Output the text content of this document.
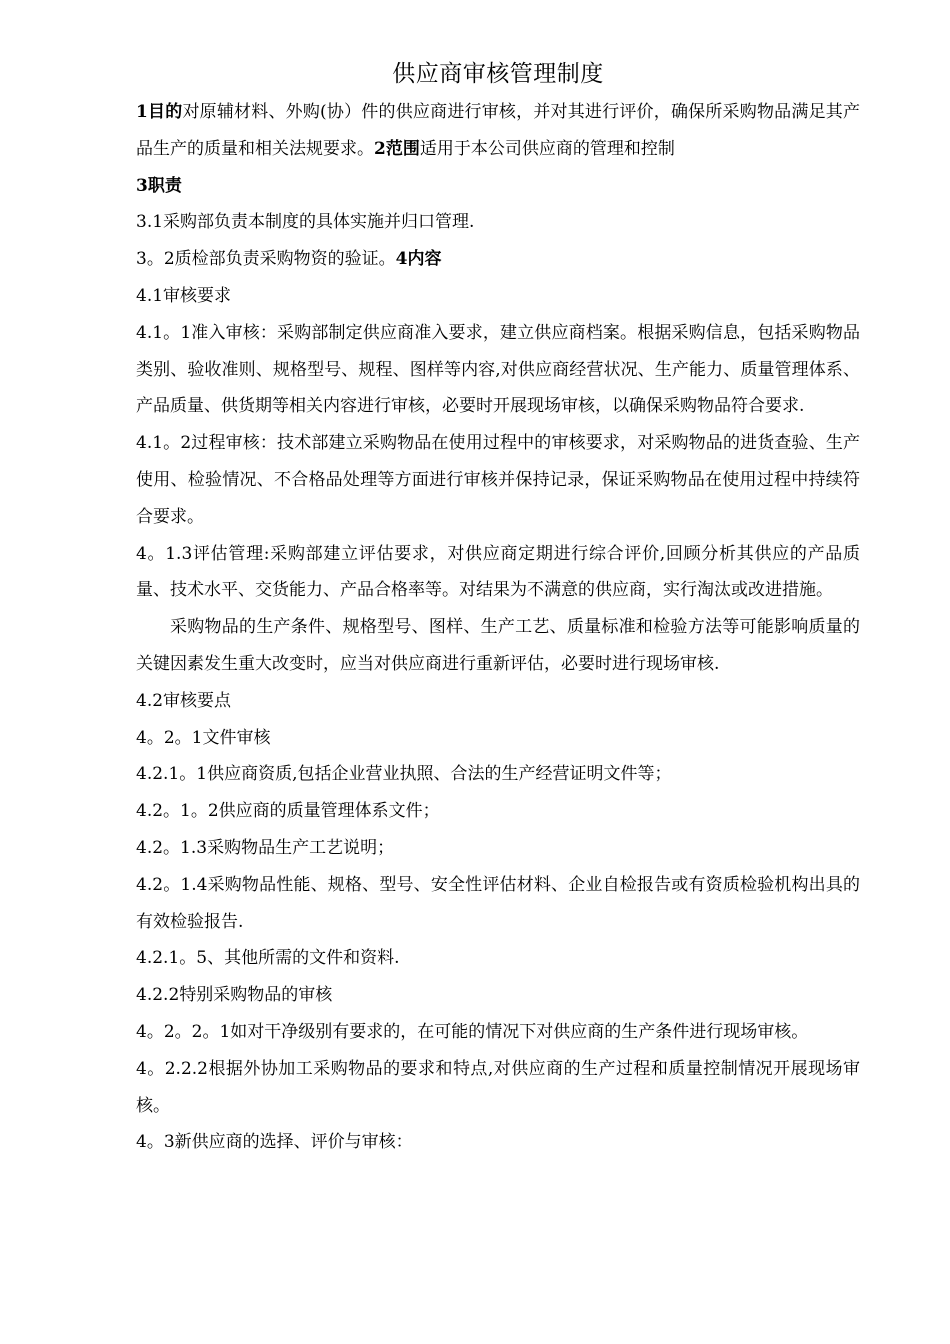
供应商审核管理制度

1目的对原辅材料、外购(协）件的供应商进行审核，并对其进行评价，确保所采购物品满足其产品生产的质量和相关法规要求。2范围适用于本公司供应商的管理和控制

3职责

3.1采购部负责本制度的具体实施并归口管理.

3。2质检部负责采购物资的验证。4内容

4.1审核要求

4.1。1准入审核：采购部制定供应商准入要求，建立供应商档案。根据采购信息，包括采购物品类别、验收准则、规格型号、规程、图样等内容,对供应商经营状况、生产能力、质量管理体系、产品质量、供货期等相关内容进行审核，必要时开展现场审核，以确保采购物品符合要求.

4.1。2过程审核：技术部建立采购物品在使用过程中的审核要求，对采购物品的进货查验、生产使用、检验情况、不合格品处理等方面进行审核并保持记录，保证采购物品在使用过程中持续符合要求。

4。1.3评估管理:采购部建立评估要求，对供应商定期进行综合评价,回顾分析其供应的产品质量、技术水平、交货能力、产品合格率等。对结果为不满意的供应商，实行淘汰或改进措施。

采购物品的生产条件、规格型号、图样、生产工艺、质量标准和检验方法等可能影响质量的关键因素发生重大改变时，应当对供应商进行重新评估，必要时进行现场审核.

4.2审核要点

4。2。1文件审核

4.2.1。1供应商资质,包括企业营业执照、合法的生产经营证明文件等；

4.2。1。2供应商的质量管理体系文件；

4.2。1.3采购物品生产工艺说明；

4.2。1.4采购物品性能、规格、型号、安全性评估材料、企业自检报告或有资质检验机构出具的有效检验报告.

4.2.1。5、其他所需的文件和资料.

4.2.2特别采购物品的审核

4。2。2。1如对干净级别有要求的，在可能的情况下对供应商的生产条件进行现场审核。

4。2.2.2根据外协加工采购物品的要求和特点,对供应商的生产过程和质量控制情况开展现场审核。

4。3新供应商的选择、评价与审核：
